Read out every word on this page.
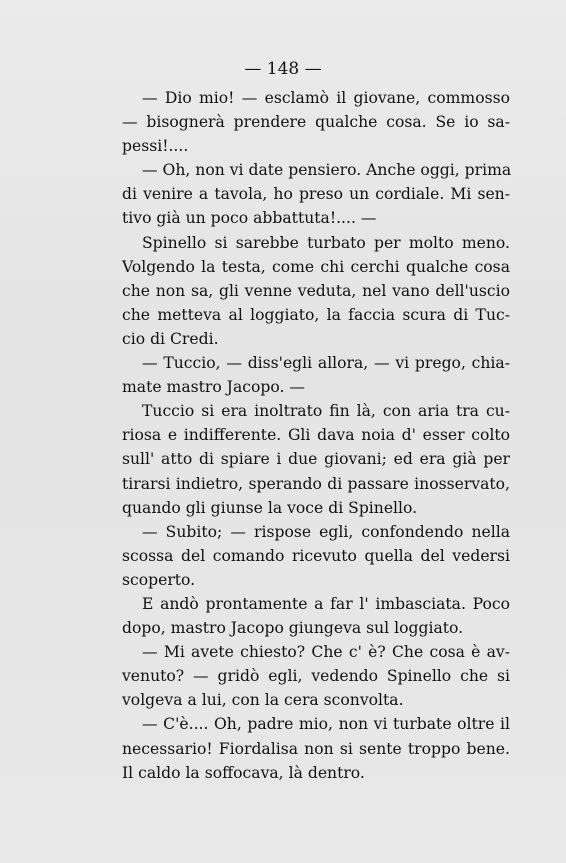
— 148 —
— Dio mio! — esclamò il giovane, commosso
— bisognerà prendere qualche cosa. Se io sa-
pessi!....
— Oh, non vi date pensiero. Anche oggi, prima
di venire a tavola, ho preso un cordiale. Mi sen-
tivo già un poco abbattuta!.... —
Spinello si sarebbe turbato per molto meno.
Volgendo la testa, come chi cerchi qualche cosa
che non sa, gli venne veduta, nel vano dell'uscio
che metteva al loggiato, la faccia scura di Tuc-
cio di Credi.
— Tuccio, — diss'egli allora, — vi prego, chia-
mate mastro Jacopo. —
Tuccio si era inoltrato fin là, con aria tra cu-
riosa e indifferente. Gli dava noia d' esser colto
sull' atto di spiare i due giovani; ed era già per
tirarsi indietro, sperando di passare inosservato,
quando gli giunse la voce di Spinello.
— Subito; — rispose egli, confondendo nella
scossa del comando ricevuto quella del vedersi
scoperto.
E andò prontamente a far l' imbasciata. Poco
dopo, mastro Jacopo giungeva sul loggiato.
— Mi avete chiesto? Che c' è? Che cosa è av-
venuto? — gridò egli, vedendo Spinello che si
volgeva a lui, con la cera sconvolta.
— C'è.... Oh, padre mio, non vi turbate oltre il
necessario! Fiordalisa non si sente troppo bene.
Il caldo la soffocava, là dentro.
